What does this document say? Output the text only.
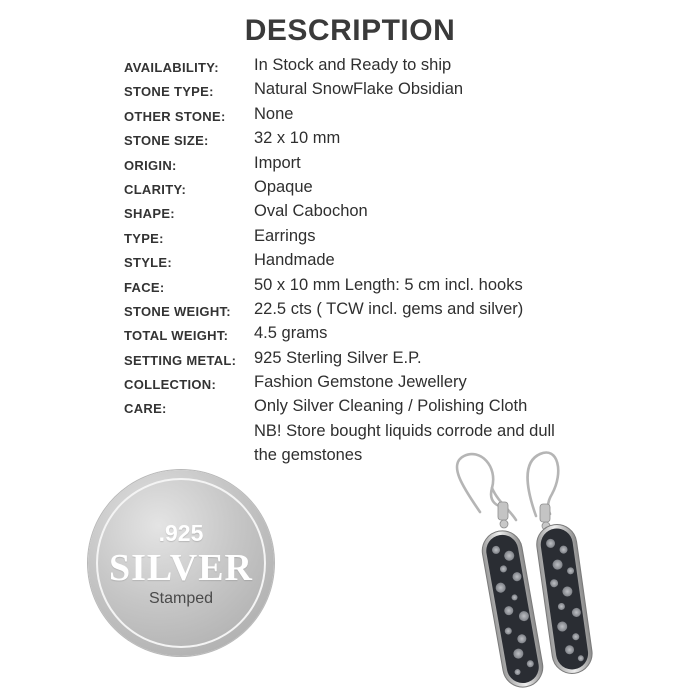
DESCRIPTION
AVAILABILITY: In Stock and Ready to ship
STONE TYPE: Natural SnowFlake Obsidian
OTHER STONE: None
STONE SIZE:	32 x 10 mm
ORIGIN:	Import
CLARITY:	Opaque
SHAPE:	Oval Cabochon
TYPE:	Earrings
STYLE:	Handmade
FACE:	50 x 10 mm Length: 5 cm incl. hooks
STONE WEIGHT: 22.5 cts ( TCW incl. gems and silver)
TOTAL WEIGHT: 4.5 grams
SETTING METAL: 925 Sterling Silver E.P.
COLLECTION: Fashion Gemstone Jewellery
CARE:	Only Silver Cleaning / Polishing Cloth
NB! Store bought liquids corrode and dull
the gemstones
.925
SILVER
Stamped
